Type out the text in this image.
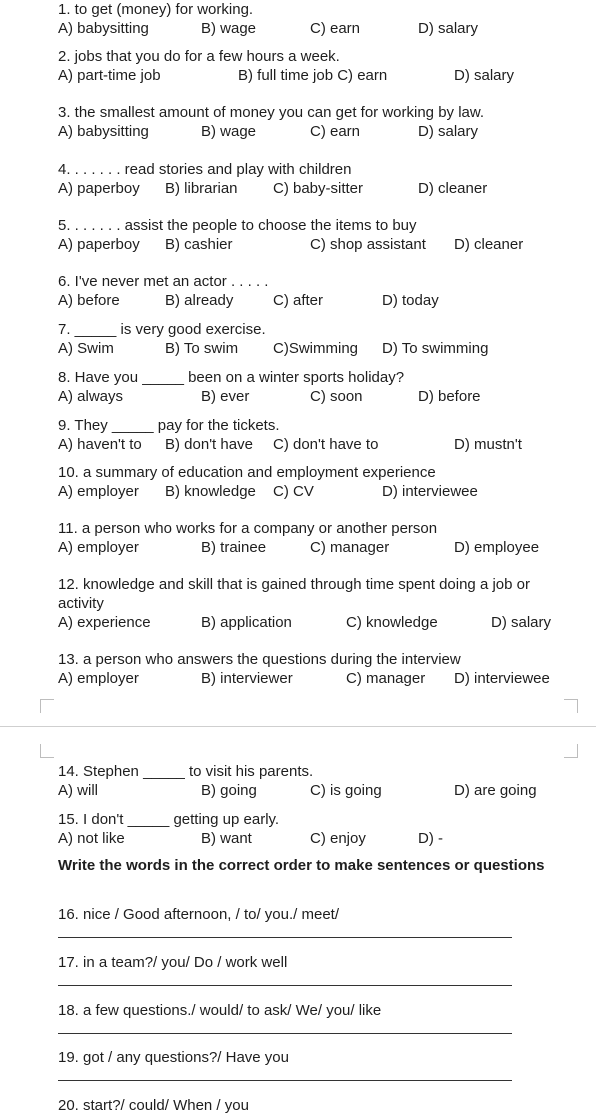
1. to get (money) for working.
A) babysitting	B) wage	C) earn	D) salary
2. jobs that you do for a few hours a week.
A) part-time job	B) full time job C) earn	D) salary
3. the smallest amount of money you can get for working by law.
A) babysitting	B) wage	C) earn	D) salary
4. . . . . . . read stories and play with children
A) paperboy B) librarian C) baby-sitter	D) cleaner
5. . . . . . . assist the people to choose the items to buy
A) paperboy B) cashier	C) shop assistant D) cleaner
6. I've never met an actor . . . . .
A) before	B) already	C) after	D) today
7. _____ is very good exercise.
A) Swim	B) To swim C)Swimming D) To swimming
8. Have you _____ been on a winter sports holiday?
A) always	B) ever	C) soon	D) before
9. They _____ pay for the tickets.
A) haven't to B) don't have C) don't have to	D) mustn't
10. a summary of education and employment experience
A) employer B) knowledge C) CV	D) interviewee
11. a person who works for a company or another person
A) employer	B) trainee	C) manager	D) employee
12. knowledge and skill that is gained through time spent doing a job or activity
A) experience	B) application	C) knowledge	D) salary
13. a person who answers the questions during the interview
A) employer	B) interviewer	C) manager D) interviewee
14. Stephen _____ to visit his parents.
A) will	B) going	C) is going	D) are going
15. I don't _____ getting up early.
A) not like	B) want	C) enjoy	D) -
Write the words in the correct order to make sentences or questions
16. nice / Good afternoon, / to/ you./ meet/
17. in a team?/ you/ Do / work well
18. a few questions./ would/ to ask/ We/ you/ like
19. got / any questions?/ Have you
20. start?/ could/ When / you
